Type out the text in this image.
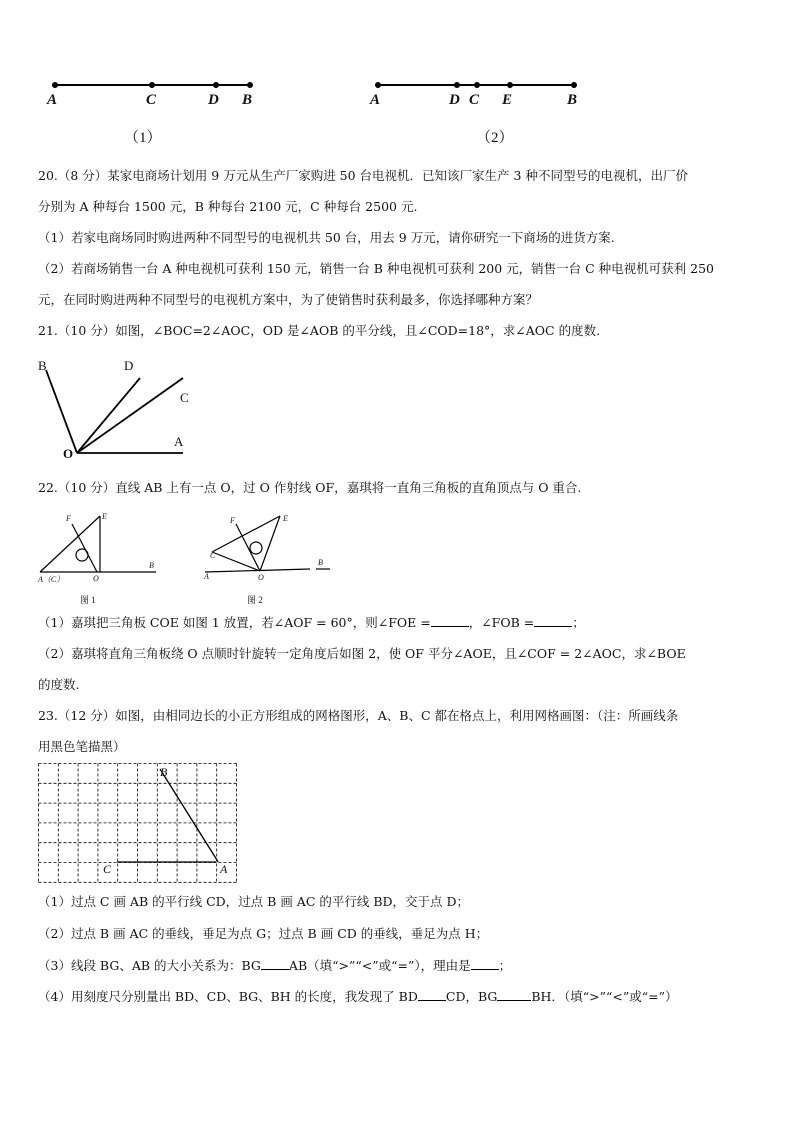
A	C	D B	A	D C E	B
（1）	（2）
20.（8 分）某家电商场计划用 9 万元从生产厂家购进 50 台电视机．已知该厂家生产 3 种不同型号的电视机，出厂价
分别为 A 种每台 1500 元，B 种每台 2100 元，C 种每台 2500 元.
（1）若家电商场同时购进两种不同型号的电视机共 50 台，用去 9 万元，请你研究一下商场的进货方案.
（2）若商场销售一台 A 种电视机可获利 150 元，销售一台 B 种电视机可获利 200 元，销售一台 C 种电视机可获利 250
元，在同时购进两种不同型号的电视机方案中，为了使销售时获利最多，你选择哪种方案？
21.（10 分）如图，∠BOC=2∠AOC，OD 是∠AOB 的平分线，且∠COD=18°，求∠AOC 的度数.
B	D
C
A
O
22.（10 分）直线 AB 上有一点 O，过 O 作射线 OF，嘉琪将一直角三角板的直角顶点与 O 重合.
F	E
A（C）	O
B
图 1
F	E
C
A	O
B
图 2
（1）嘉琪把三角板 COE 如图 1 放置，若∠AOF = 60°，则∠FOE =	，∠FOB =	；
（2）嘉琪将直角三角板绕 O 点顺时针旋转一定角度后如图 2，使 OF 平分∠AOE，且∠COF = 2∠AOC，求∠BOE
的度数.
23.（12 分）如图，由相同边长的小正方形组成的网格图形，A、B、C 都在格点上，利用网格画图：（注：所画线条
用黑色笔描黑）
B
C	A
（1）过点 C 画 AB 的平行线 CD，过点 B 画 AC 的平行线 BD，交于点 D；
（2）过点 B 画 AC 的垂线，垂足为点 G；过点 B 画 CD 的垂线，垂足为点 H；
（3）线段 BG、AB 的大小关系为：BG AB（填“>”“<”或“=”），理由是 ；
（4）用刻度尺分别量出 BD、CD、BG、BH 的长度，我发现了 BD CD，BG	BH．（填“>”“<”或“=”）
